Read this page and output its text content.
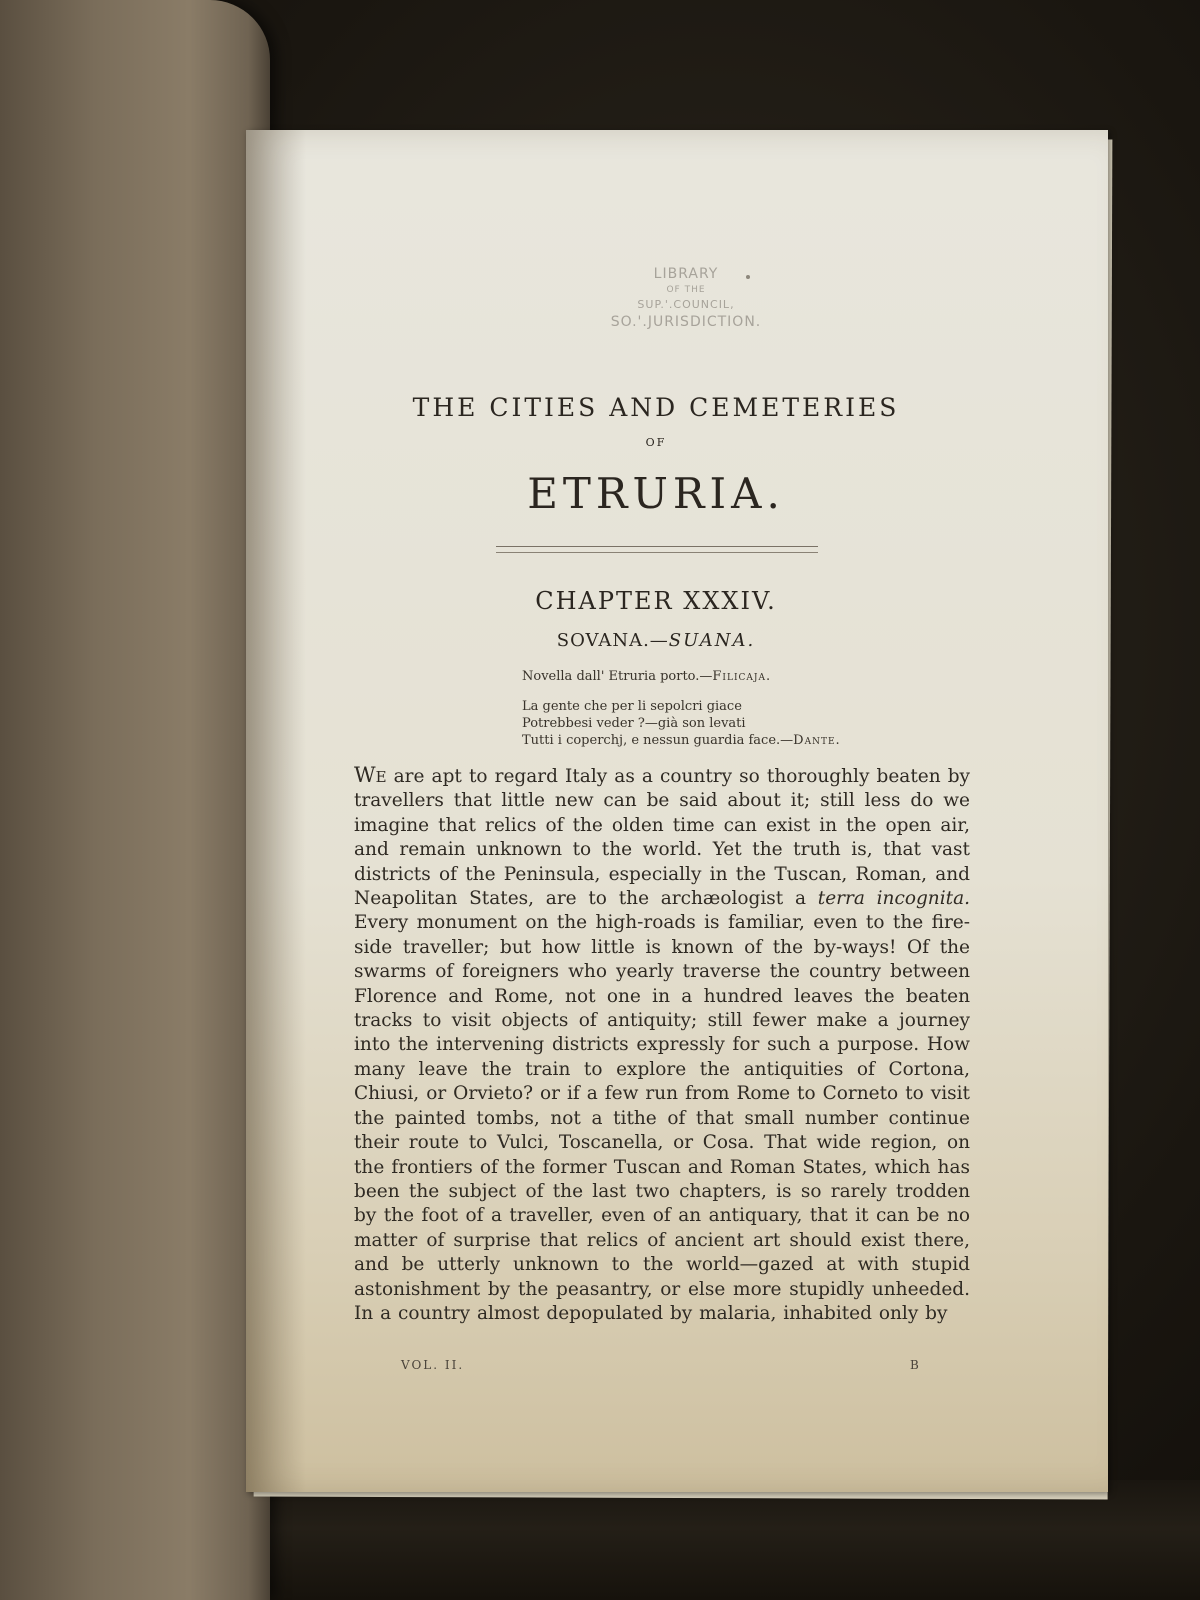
LIBRARY
OF THE
SUP.'.COUNCIL,
SO.'.JURISDICTION.
THE CITIES AND CEMETERIES
OF
ETRURIA.
CHAPTER XXXIV.
SOVANA.—SUANA.
Novella dall' Etruria porto.—Filicaja.
La gente che per li sepolcri giace
Potrebbesi veder ?—già son levati
Tutti i coperchj, e nessun guardia face.—Dante.
We are apt to regard Italy as a country so thoroughly beaten by travellers that little new can be said about it; still less do we imagine that relics of the olden time can exist in the open air, and remain unknown to the world. Yet the truth is, that vast districts of the Peninsula, especially in the Tuscan, Roman, and Neapolitan States, are to the archæologist a terra incognita. Every monument on the high-roads is familiar, even to the fire-side traveller; but how little is known of the by-ways! Of the swarms of foreigners who yearly traverse the country between Florence and Rome, not one in a hundred leaves the beaten tracks to visit objects of antiquity; still fewer make a journey into the intervening districts expressly for such a purpose. How many leave the train to explore the antiquities of Cortona, Chiusi, or Orvieto? or if a few run from Rome to Corneto to visit the painted tombs, not a tithe of that small number continue their route to Vulci, Toscanella, or Cosa. That wide region, on the frontiers of the former Tuscan and Roman States, which has been the subject of the last two chapters, is so rarely trodden by the foot of a traveller, even of an antiquary, that it can be no matter of surprise that relics of ancient art should exist there, and be utterly unknown to the world—gazed at with stupid astonishment by the peasantry, or else more stupidly unheeded. In a country almost depopulated by malaria, inhabited only by
VOL. II.	B
